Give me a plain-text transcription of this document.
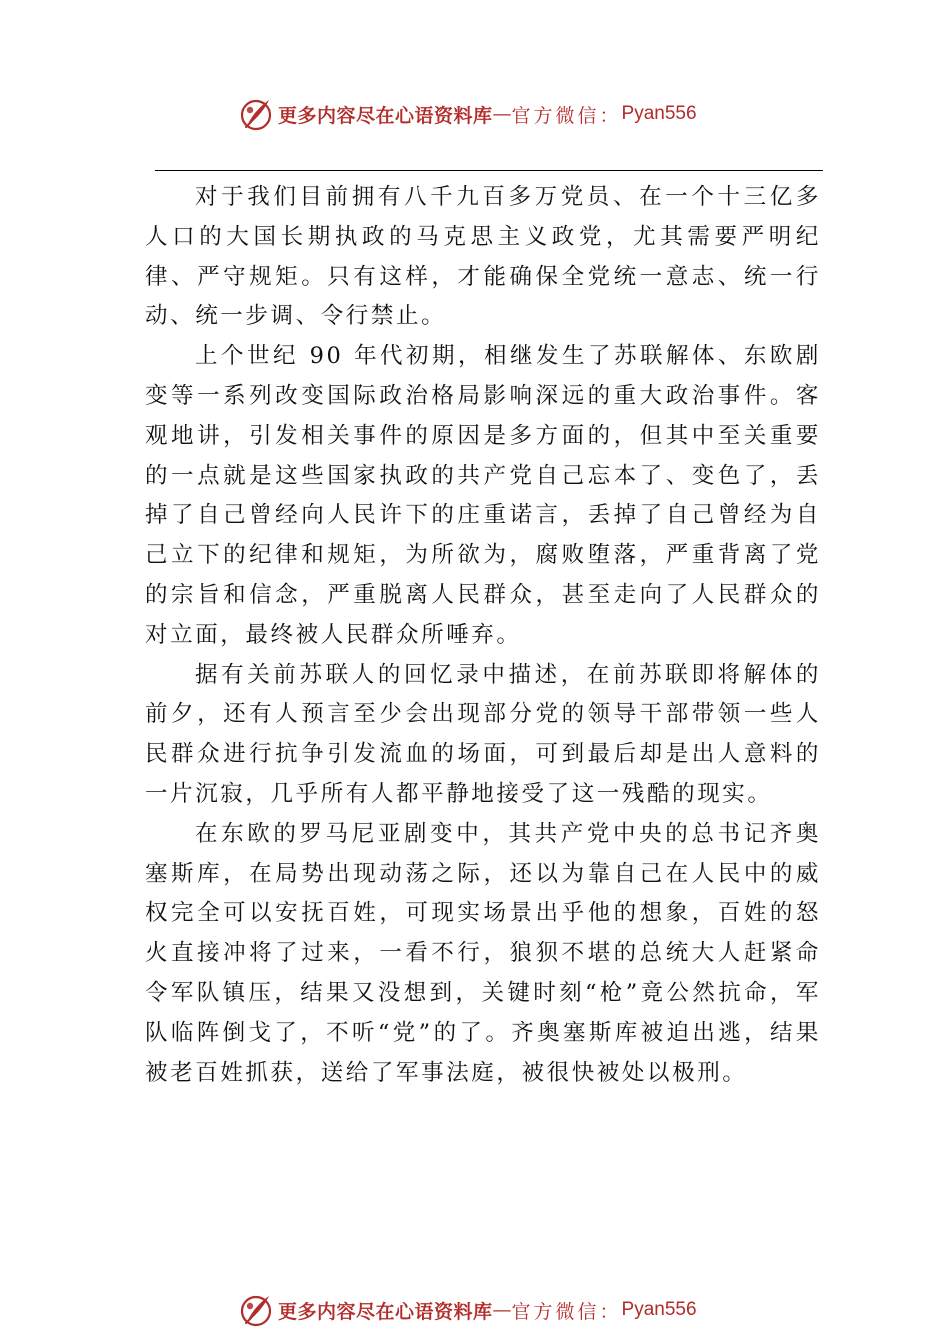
更多内容尽在心语资料库 — 官方微信： Pyan556

对于我们目前拥有八千九百多万党员、在一个十三亿多人口的大国长期执政的马克思主义政党，尤其需要严明纪律、严守规矩。只有这样，才能确保全党统一意志、统一行动、统一步调、令行禁止。

上个世纪 90 年代初期，相继发生了苏联解体、东欧剧变等一系列改变国际政治格局影响深远的重大政治事件。客观地讲，引发相关事件的原因是多方面的，但其中至关重要的一点就是这些国家执政的共产党自己忘本了、变色了，丢掉了自己曾经向人民许下的庄重诺言，丢掉了自己曾经为自己立下的纪律和规矩，为所欲为，腐败堕落，严重背离了党的宗旨和信念，严重脱离人民群众，甚至走向了人民群众的对立面，最终被人民群众所唾弃。

据有关前苏联人的回忆录中描述，在前苏联即将解体的前夕，还有人预言至少会出现部分党的领导干部带领一些人民群众进行抗争引发流血的场面，可到最后却是出人意料的一片沉寂，几乎所有人都平静地接受了这一残酷的现实。

在东欧的罗马尼亚剧变中，其共产党中央的总书记齐奥塞斯库，在局势出现动荡之际，还以为靠自己在人民中的威权完全可以安抚百姓，可现实场景出乎他的想象，百姓的怒火直接冲将了过来，一看不行，狼狈不堪的总统大人赶紧命令军队镇压，结果又没想到，关键时刻“枪”竟公然抗命，军队临阵倒戈了，不听“党”的了。齐奥塞斯库被迫出逃，结果被老百姓抓获，送给了军事法庭，被很快被处以极刑。

更多内容尽在心语资料库 — 官方微信： Pyan556
